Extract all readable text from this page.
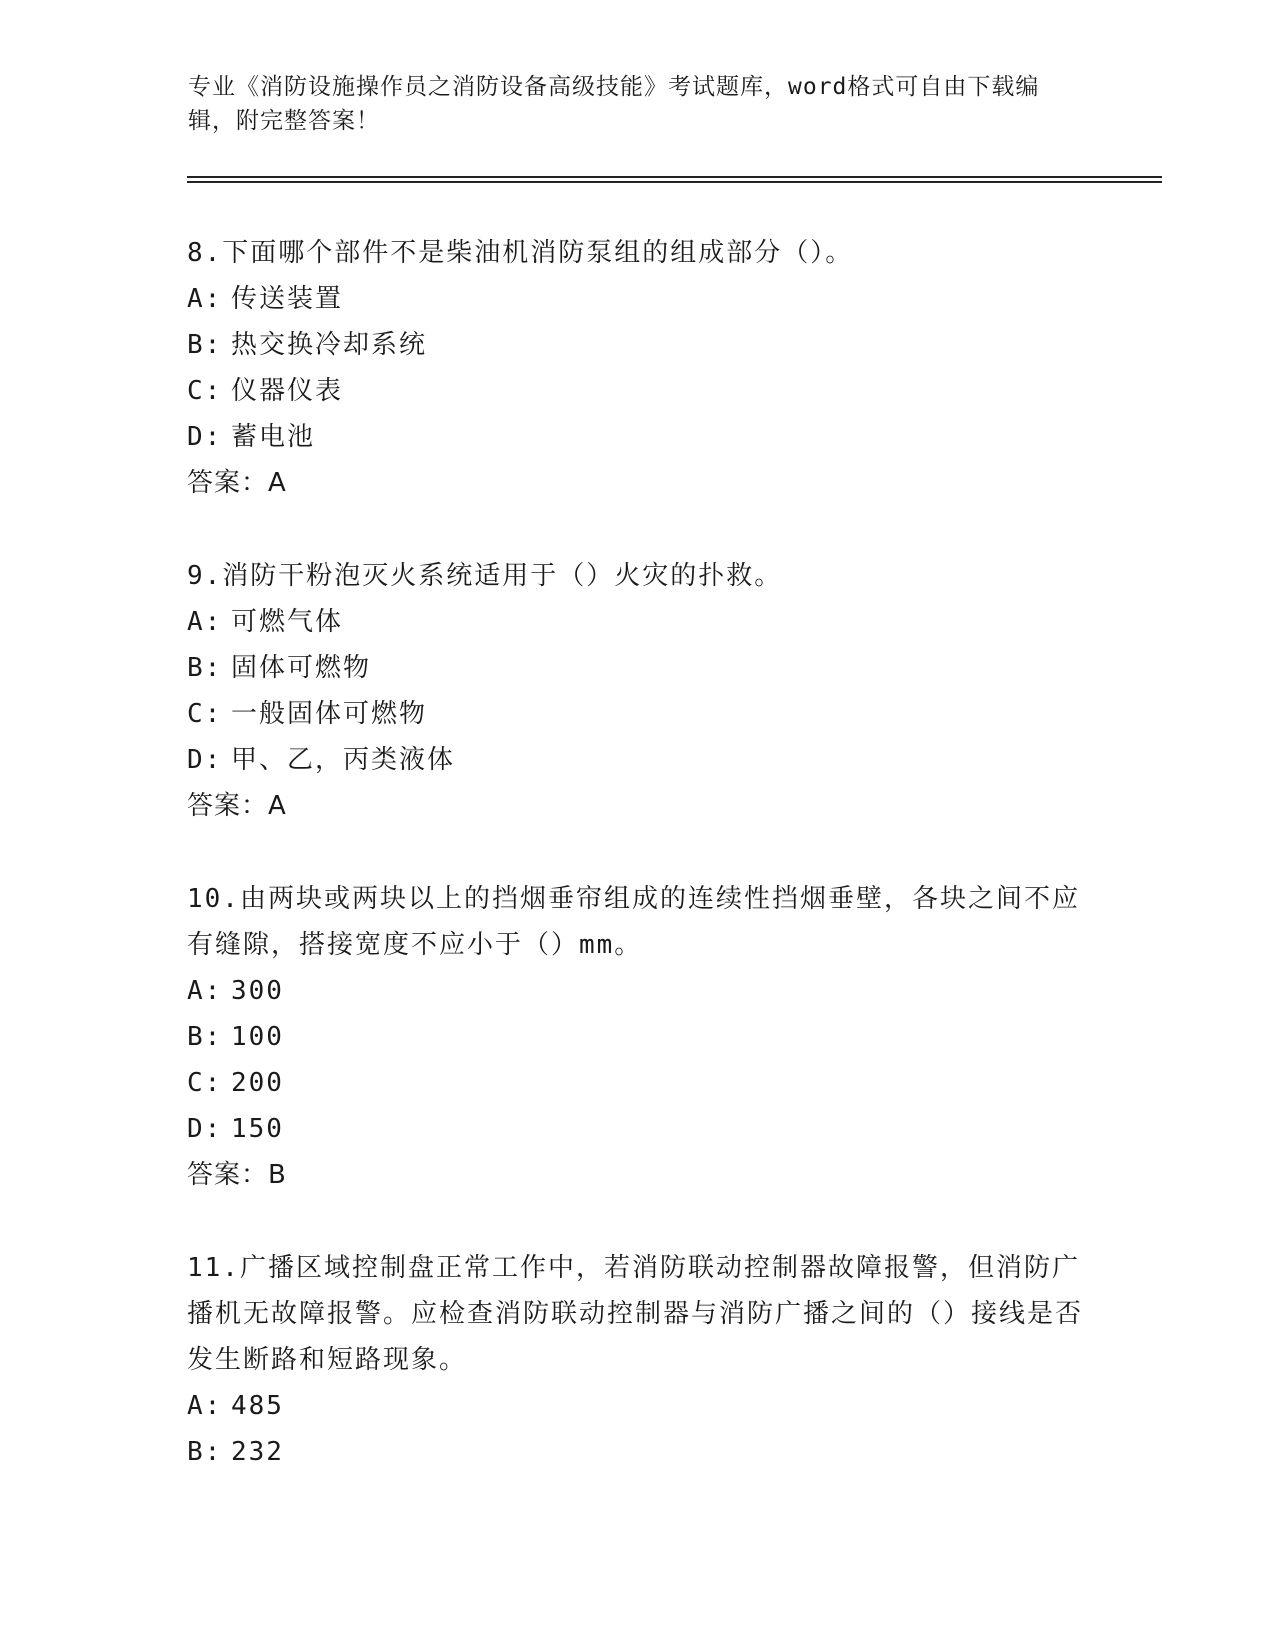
专业《消防设施操作员之消防设备高级技能》考试题库，word格式可自由下载编
辑，附完整答案！

8.下面哪个部件不是柴油机消防泵组的组成部分（）。

A: 传送装置
B: 热交换冷却系统
C: 仪器仪表
D: 蓄电池
答案：A

9.消防干粉泡灭火系统适用于（）火灾的扑救。

A: 可燃气体
B: 固体可燃物
C: 一般固体可燃物
D: 甲、乙，丙类液体
答案：A

10.由两块或两块以上的挡烟垂帘组成的连续性挡烟垂壁，各块之间不应有缝隙，搭接宽度不应小于（）mm。

A: 300
B: 100
C: 200
D: 150
答案：B

11.广播区域控制盘正常工作中，若消防联动控制器故障报警，但消防广播机无故障报警。应检查消防联动控制器与消防广播之间的（）接线是否发生断路和短路现象。

A: 485
B: 232
